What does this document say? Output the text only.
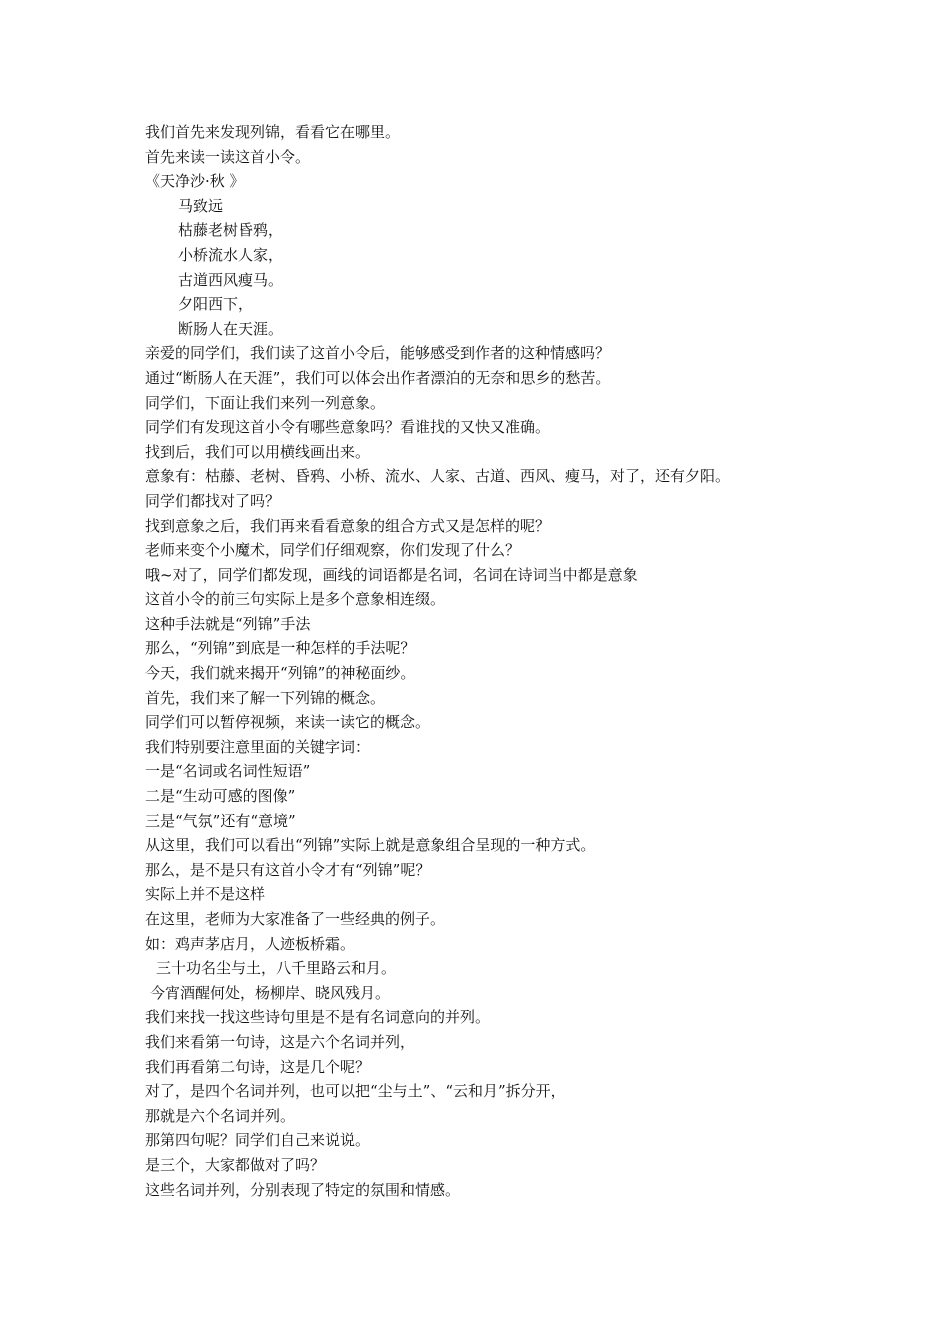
我们首先来发现列锦，看看它在哪里。
首先来读一读这首小令。
《天净沙·秋 》
马致远
枯藤老树昏鸦，
小桥流水人家，
古道西风瘦马。
夕阳西下，
断肠人在天涯。
亲爱的同学们，我们读了这首小令后，能够感受到作者的这种情感吗？
通过“断肠人在天涯”，我们可以体会出作者漂泊的无奈和思乡的愁苦。
同学们，下面让我们来列一列意象。
同学们有发现这首小令有哪些意象吗？看谁找的又快又准确。
找到后，我们可以用横线画出来。
意象有：枯藤、老树、昏鸦、小桥、流水、人家、古道、西风、瘦马，对了，还有夕阳。
同学们都找对了吗？
找到意象之后，我们再来看看意象的组合方式又是怎样的呢？
老师来变个小魔术，同学们仔细观察，你们发现了什么？
哦~对了，同学们都发现，画线的词语都是名词，名词在诗词当中都是意象
这首小令的前三句实际上是多个意象相连缀。
这种手法就是“列锦”手法
那么，“列锦”到底是一种怎样的手法呢？
今天，我们就来揭开“列锦”的神秘面纱。
首先，我们来了解一下列锦的概念。
同学们可以暂停视频，来读一读它的概念。
我们特别要注意里面的关键字词：
一是“名词或名词性短语”
二是“生动可感的图像”
三是“气氛”还有“意境”
从这里，我们可以看出“列锦”实际上就是意象组合呈现的一种方式。
那么，是不是只有这首小令才有“列锦”呢？
实际上并不是这样
在这里，老师为大家准备了一些经典的例子。
如：鸡声茅店月，人迹板桥霜。
三十功名尘与土，八千里路云和月。
今宵酒醒何处，杨柳岸、晓风残月。
我们来找一找这些诗句里是不是有名词意向的并列。
我们来看第一句诗，这是六个名词并列，
我们再看第二句诗，这是几个呢？
对了，是四个名词并列，也可以把“尘与土”、“云和月”拆分开，
那就是六个名词并列。
那第四句呢？同学们自己来说说。
是三个，大家都做对了吗？
这些名词并列，分别表现了特定的氛围和情感。
